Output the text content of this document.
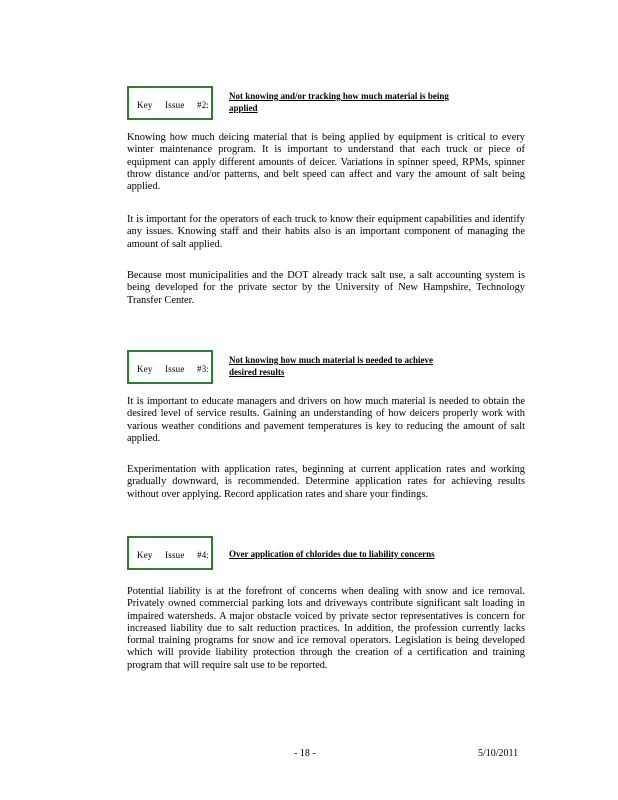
Key Issue #2:
Not knowing and/or tracking how much material is being
applied

Knowing how much deicing material that is being applied by equipment is critical to every winter maintenance program. It is important to understand that each truck or piece of equipment can apply different amounts of deicer. Variations in spinner speed, RPMs, spinner throw distance and/or patterns, and belt speed can affect and vary the amount of salt being applied.

It is important for the operators of each truck to know their equipment capabilities and identify any issues. Knowing staff and their habits also is an important component of managing the amount of salt applied.

Because most municipalities and the DOT already track salt use, a salt accounting system is being developed for the private sector by the University of New Hampshire, Technology Transfer Center.

Key Issue #3:
Not knowing how much material is needed to achieve
desired results

It is important to educate managers and drivers on how much material is needed to obtain the desired level of service results. Gaining an understanding of how deicers properly work with various weather conditions and pavement temperatures is key to reducing the amount of salt applied.

Experimentation with application rates, beginning at current application rates and working gradually downward, is recommended. Determine application rates for achieving results without over applying. Record application rates and share your findings.

Key Issue #4: Over application of chlorides due to liability concerns

Potential liability is at the forefront of concerns when dealing with snow and ice removal. Privately owned commercial parking lots and driveways contribute significant salt loading in impaired watersheds. A major obstacle voiced by private sector representatives is concern for increased liability due to salt reduction practices. In addition, the profession currently lacks formal training programs for snow and ice removal operators. Legislation is being developed which will provide liability protection through the creation of a certification and training program that will require salt use to be reported.

- 18 -	5/10/2011
